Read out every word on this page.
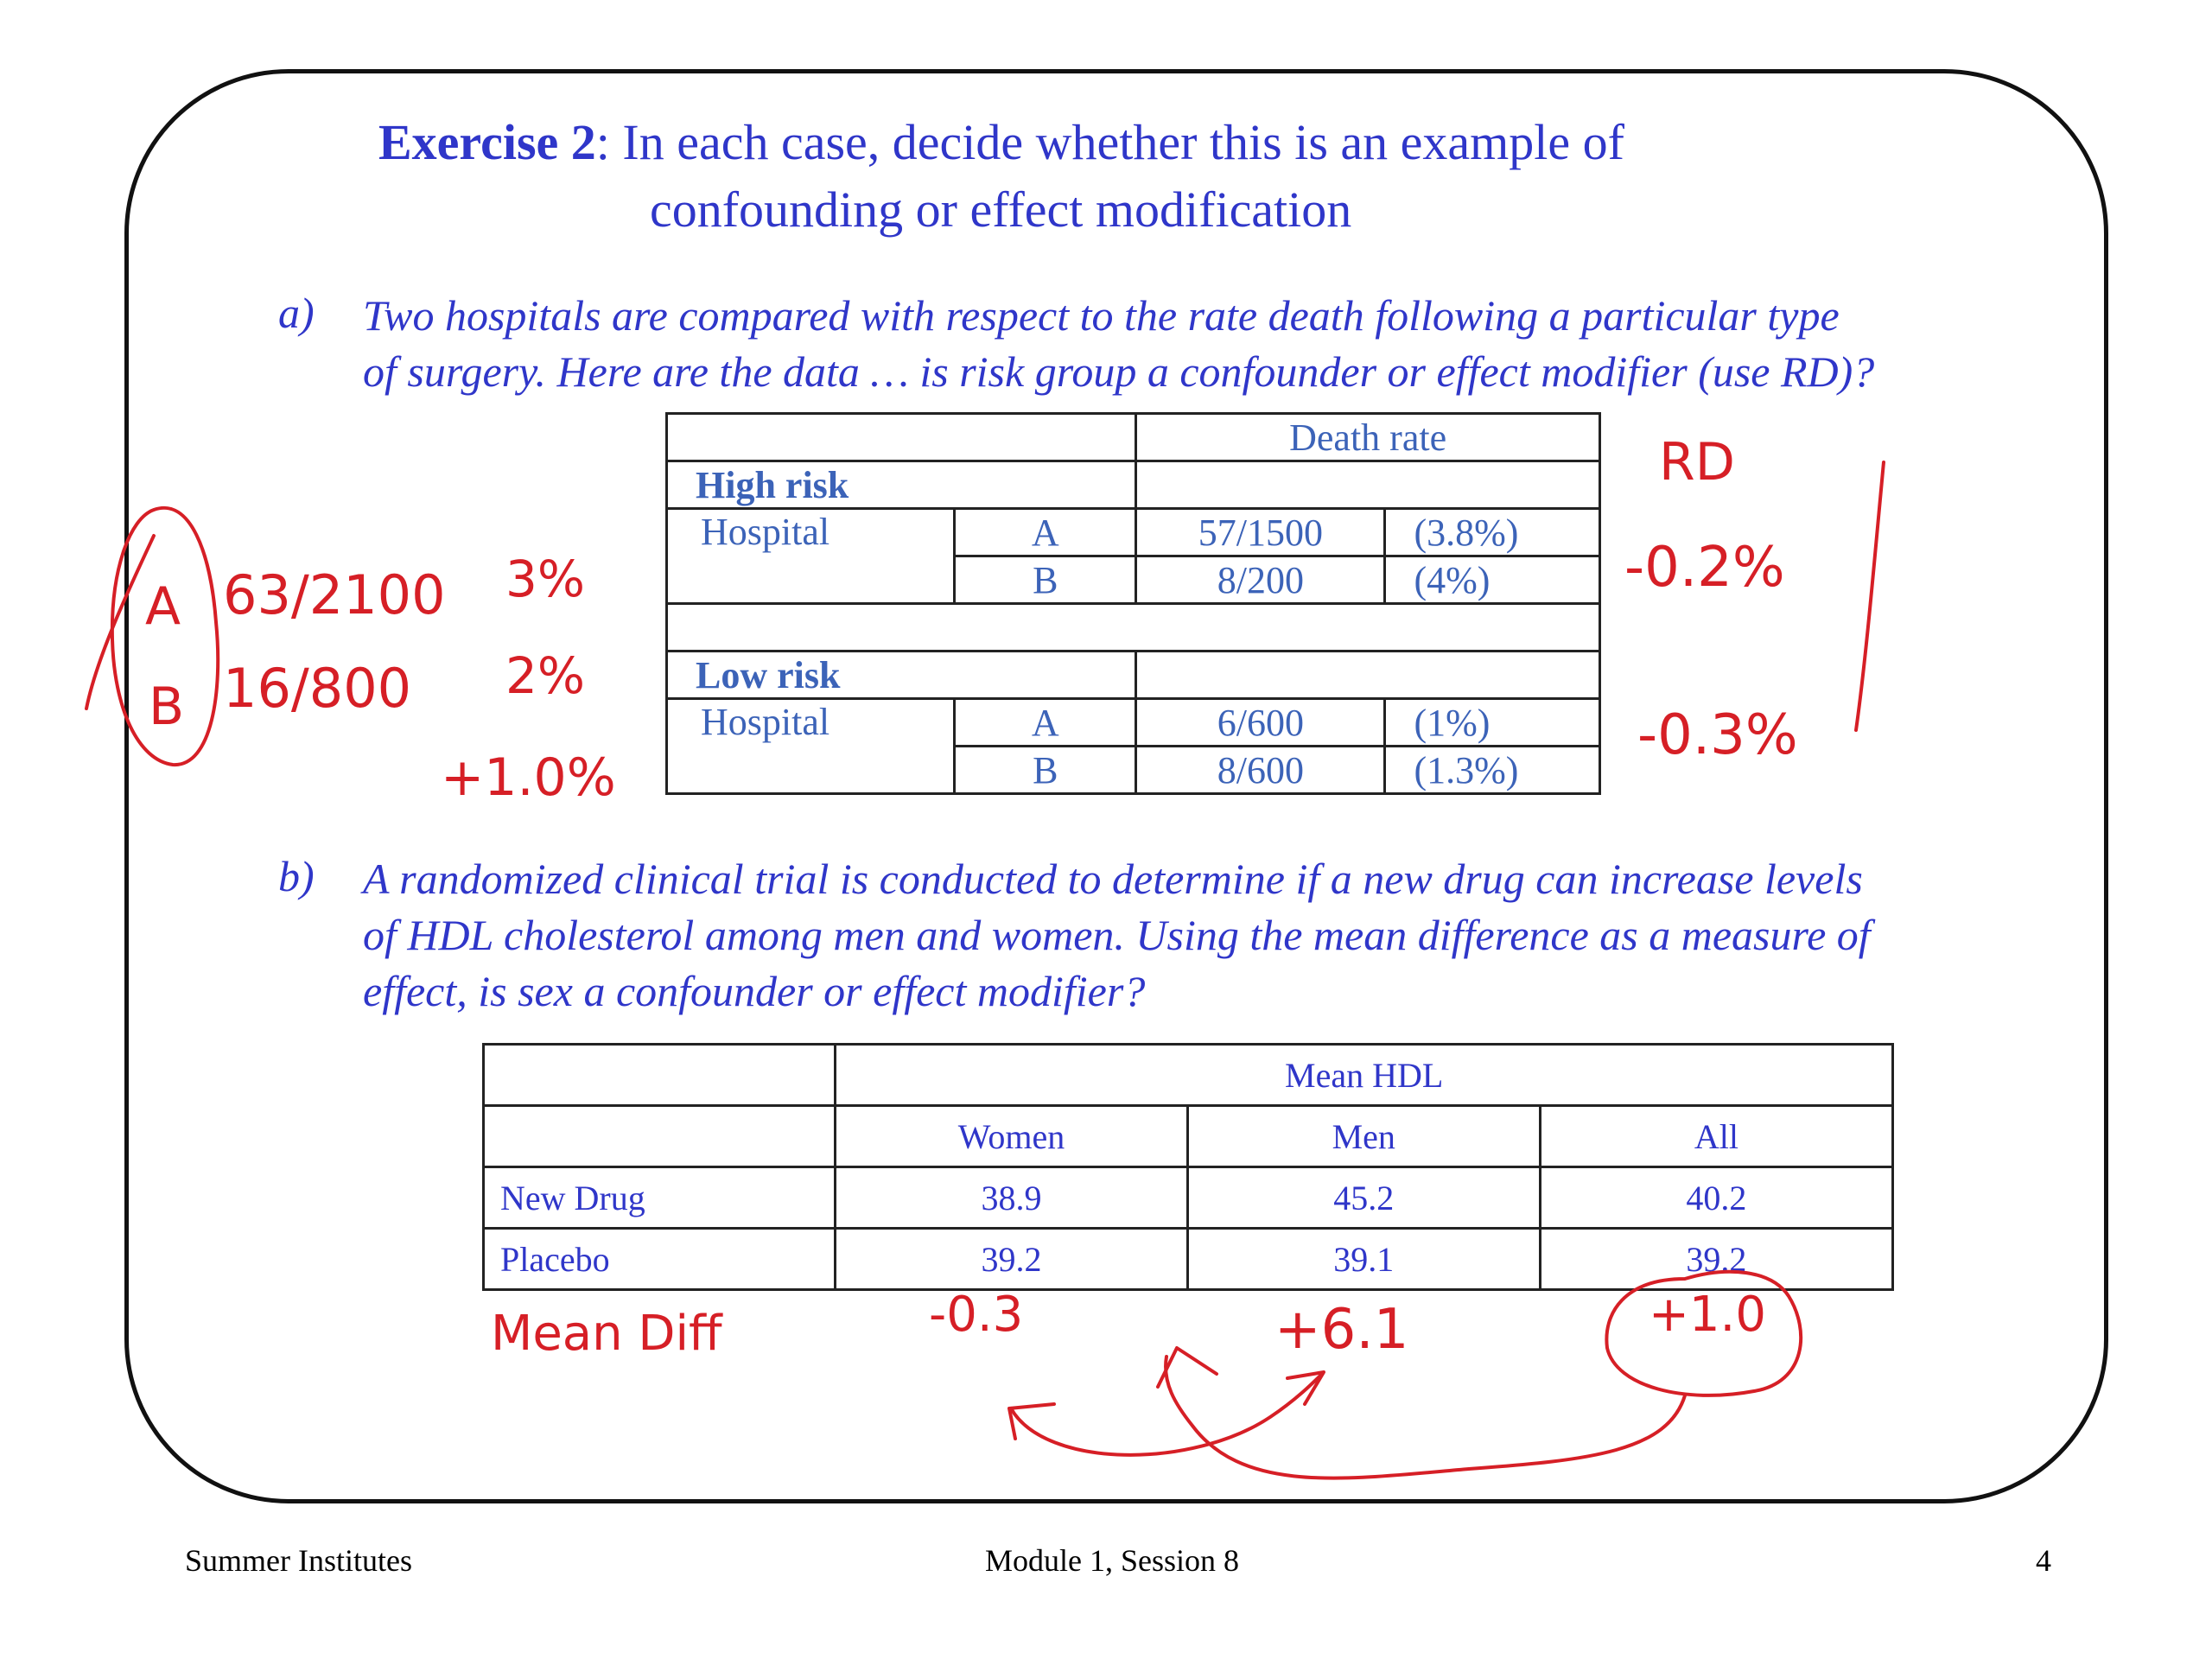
Exercise 2: In each case, decide whether this is an example of
confounding or effect modification
a) Two hospitals are compared with respect to the rate death following a particular type
of surgery. Here are the data … is risk group a confounder or effect modifier (use RD)?
		Death rate	
High risk			
Hospital	A	57/1500	(3.8%)
	B	8/200	(4%)

Low risk			
Hospital	A	6/600	(1%)
	B	8/600	(1.3%)
b) A randomized clinical trial is conducted to determine if a new drug can increase levels
of HDL cholesterol among men and women. Using the mean difference as a measure of
effect, is sex a confounder or effect modifier?
	Mean HDL		
	Women	Men	All
New Drug	38.9	45.2	40.2
Placebo	39.2	39.1	39.2
A 63/2100 3%
B 16/800 2%
+1.0%
RD
-0.2%
-0.3%
Mean Diff	-0.3	+6.1	+1.0
Summer Institutes	Module 1, Session 8	4
